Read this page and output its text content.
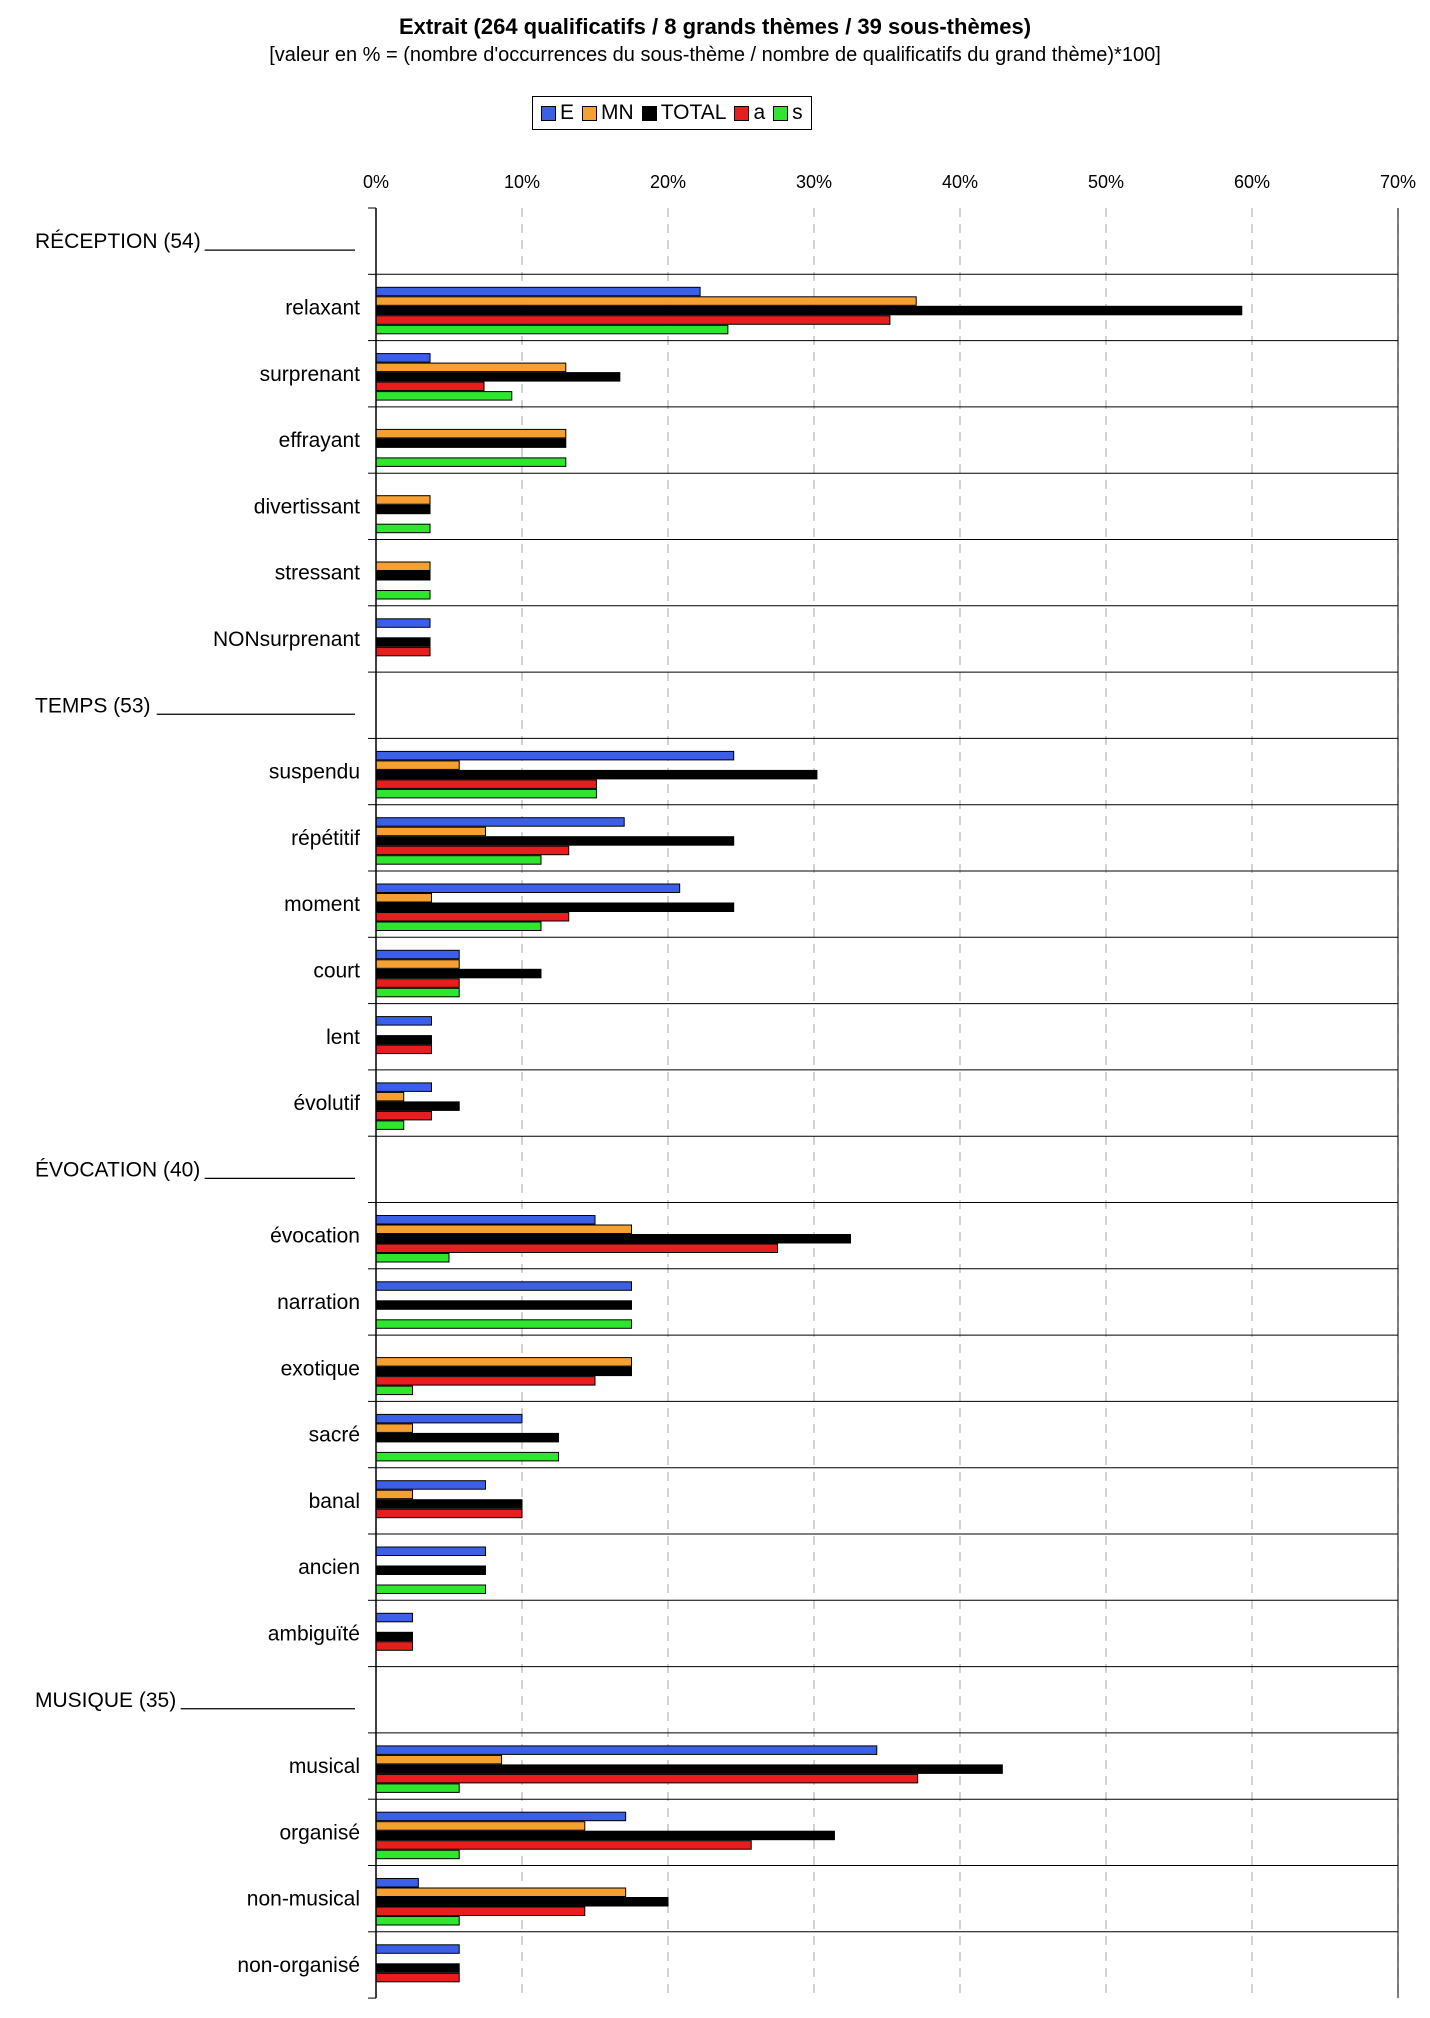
Extrait (264 qualificatifs / 8 grands thèmes / 39 sous-thèmes)
[valeur en % = (nombre d'occurrences du sous-thème / nombre de qualificatifs du grand thème)*100]
E MN TOTAL a s
0%	10%	20%	30%	40%	50%	60%	70%
RÉCEPTION (54)
relaxant
surprenant
effrayant
divertissant
stressant
NONsurprenant
TEMPS (53)
suspendu
répétitif
moment
court
lent
évolutif
ÉVOCATION (40)
évocation
narration
exotique
sacré
banal
ancien
ambiguïté
MUSIQUE (35)
musical
organisé
non-musical
non-organisé
